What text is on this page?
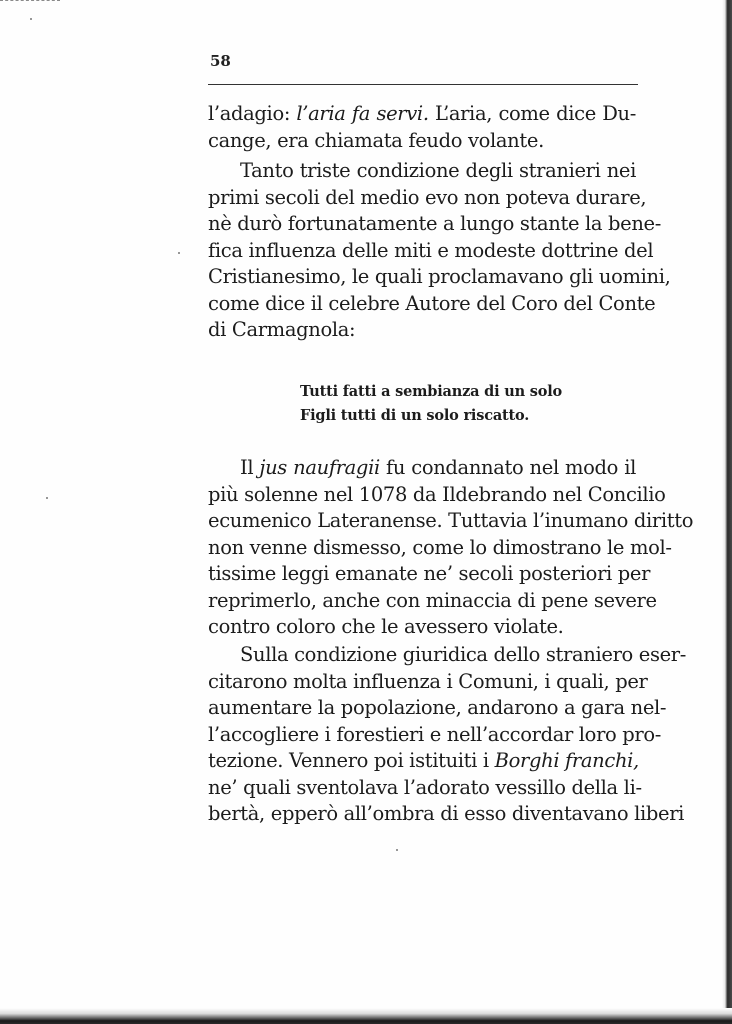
58
l’adagio: l’aria fa servi. L’aria, come dice Du-
cange, era chiamata feudo volante.
Tanto triste condizione degli stranieri nei
primi secoli del medio evo non poteva durare,
nè durò fortunatamente a lungo stante la bene-
fica influenza delle miti e modeste dottrine del
Cristianesimo, le quali proclamavano gli uomini,
come dice il celebre Autore del Coro del Conte
di Carmagnola:
Tutti fatti a sembianza di un solo
Figli tutti di un solo riscatto.
Il jus naufragii fu condannato nel modo il
più solenne nel 1078 da Ildebrando nel Concilio
ecumenico Lateranense. Tuttavia l’inumano diritto
non venne dismesso, come lo dimostrano le mol-
tissime leggi emanate ne’ secoli posteriori per
reprimerlo, anche con minaccia di pene severe
contro coloro che le avessero violate.
Sulla condizione giuridica dello straniero eser-
citarono molta influenza i Comuni, i quali, per
aumentare la popolazione, andarono a gara nel-
l’accogliere i forestieri e nell’accordar loro pro-
tezione. Vennero poi istituiti i Borghi franchi,
ne’ quali sventolava l’adorato vessillo della li-
bertà, epperò all’ombra di esso diventavano liberi
